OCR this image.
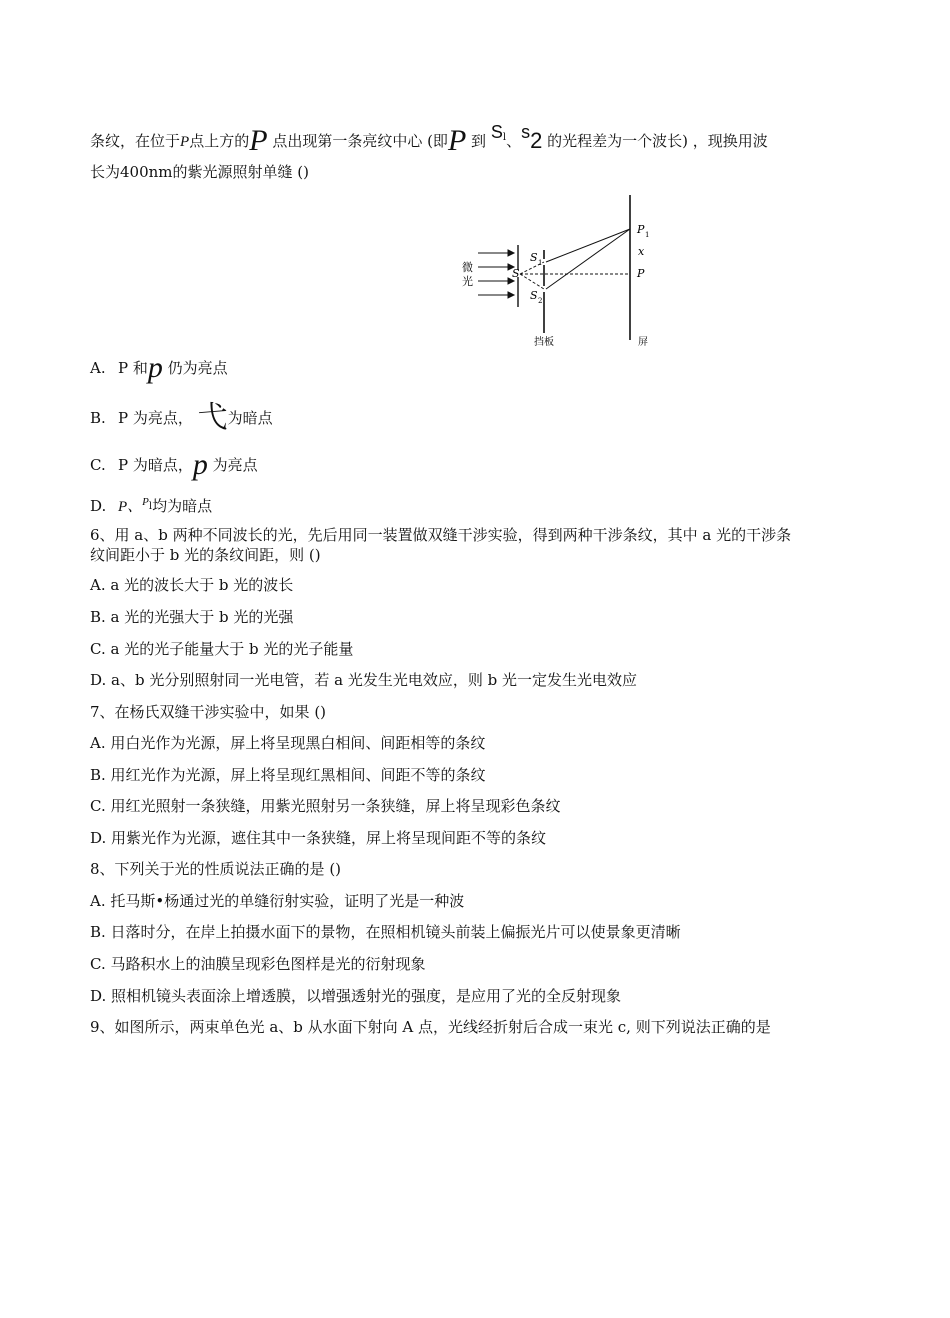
条纹，在位于P点上方的P 点出现第一条亮纹中心 (即P 到 $S^l$、s2 的光程差为一个波长) ，现换用波
长为400nm的紫光源照射单缝 ()
微
光
S
S 1
S 2
P 1
x
P
挡板	屏
A. P 和p 仍为亮点
B. P 为亮点， 弋为暗点
C. P 为暗点，p 为亮点
D. P、$^P$l均为暗点
6、用 a、b 两种不同波长的光，先后用同一装置做双缝干涉实验，得到两种干涉条纹，其中 a 光的干涉条
纹间距小于 b 光的条纹间距，则 ()
A. a 光的波长大于 b 光的波长
B. a 光的光强大于 b 光的光强
C. a 光的光子能量大于 b 光的光子能量
D. a、b 光分别照射同一光电管，若 a 光发生光电效应，则 b 光一定发生光电效应
7、在杨氏双缝干涉实验中，如果 ()
A. 用白光作为光源，屏上将呈现黑白相间、间距相等的条纹
B. 用红光作为光源，屏上将呈现红黑相间、间距不等的条纹
C. 用红光照射一条狭缝，用紫光照射另一条狭缝，屏上将呈现彩色条纹
D. 用紫光作为光源，遮住其中一条狭缝，屏上将呈现间距不等的条纹
8、下列关于光的性质说法正确的是 ()
A. 托马斯•杨通过光的单缝衍射实验，证明了光是一种波
B. 日落时分，在岸上拍摄水面下的景物，在照相机镜头前装上偏振光片可以使景象更清晰
C. 马路积水上的油膜呈现彩色图样是光的衍射现象
D. 照相机镜头表面涂上增透膜，以增强透射光的强度，是应用了光的全反射现象
9、如图所示，两束单色光 a、b 从水面下射向 A 点，光线经折射后合成一束光 c, 则下列说法正确的是
